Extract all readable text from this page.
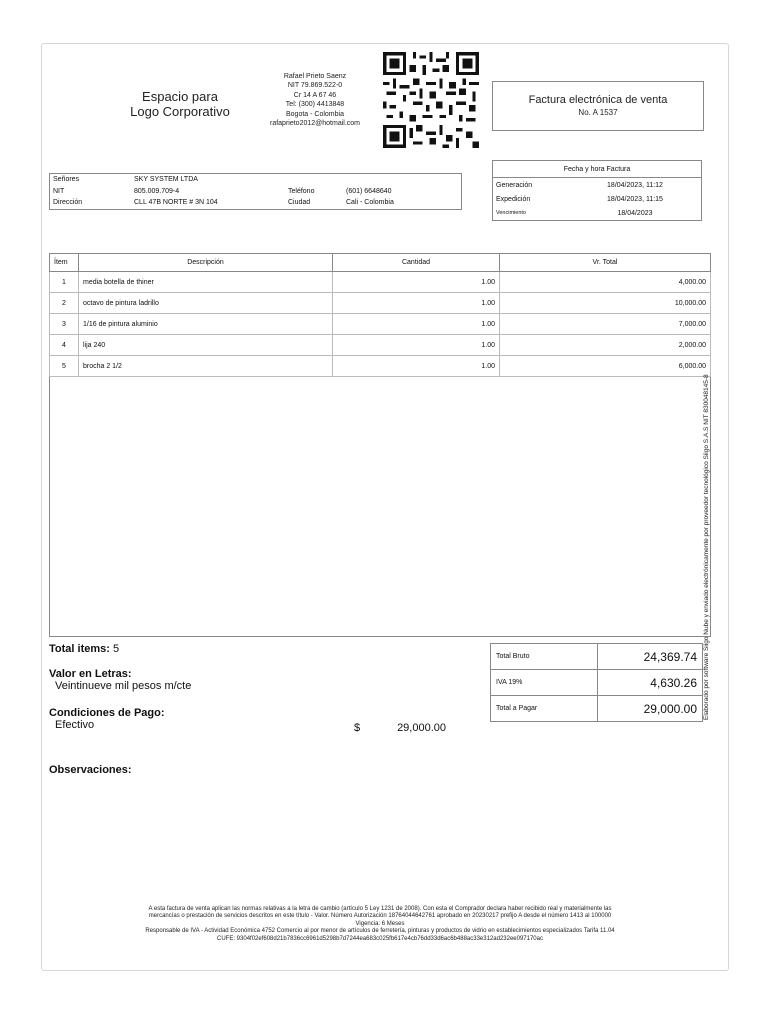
Espacio para
Logo Corporativo
Rafael Prieto Saenz
NIT 79.869.522-0
Cr 14 A 67 46
Tel: (300) 4413848
Bogota - Colombia
rafaprieto2012@hotmail.com
Factura electrónica de venta
No. A 1537
Señores	SKY SYSTEM LTDA		
NIT	805.009.709-4	Teléfono	(601) 6648640
Dirección	CLL 47B NORTE # 3N 104	Ciudad	Cali - Colombia
Fecha y hora Factura	
Generación	18/04/2023, 11:12
Expedición	18/04/2023, 11:15
Vencimiento	18/04/2023
Ítem	Descripción	Cantidad	Vr. Total
1	media botella de thiner	1.00	4,000.00
2	octavo de pintura ladrillo	1.00	10,000.00
3	1/16 de pintura aluminio	1.00	7,000.00
4	lija 240	1.00	2,000.00
5	brocha 2 1/2	1.00	6,000.00

Total items: 5
Valor en Letras:
Veintinueve mil pesos m/cte
Condiciones de Pago:
Efectivo	$	29,000.00
Observaciones:
Total Bruto	24,369.74
IVA 19%	4,630.26
Total a Pagar	29,000.00
A esta factura de venta aplican las normas relativas a la letra de cambio (artículo 5 Ley 1231 de 2008). Con esta el Comprador declara haber recibido real y materialmente las
mercancías o prestación de servicios descritos en este título - Valor. Número Autorización 18764044642761 aprobado en 20230217 prefijo A desde el número 1413 al 100000
Vigencia: 6 Meses
Responsable de IVA - Actividad Económica 4752 Comercio al por menor de artículos de ferretería, pinturas y productos de vidrio en establecimientos especializados Tarifa 11.04
CUFE: 9304f02ef608d21b7836cc6961d5298b7d7244ea683c025fb617e4cb76dd33d6ac6b488ac33e312ad232ee097170ac
Elaborado por software Siigo Nube y enviado electrónicamente por proveedor tecnológico Siigo S.A.S NIT 830048145-8
